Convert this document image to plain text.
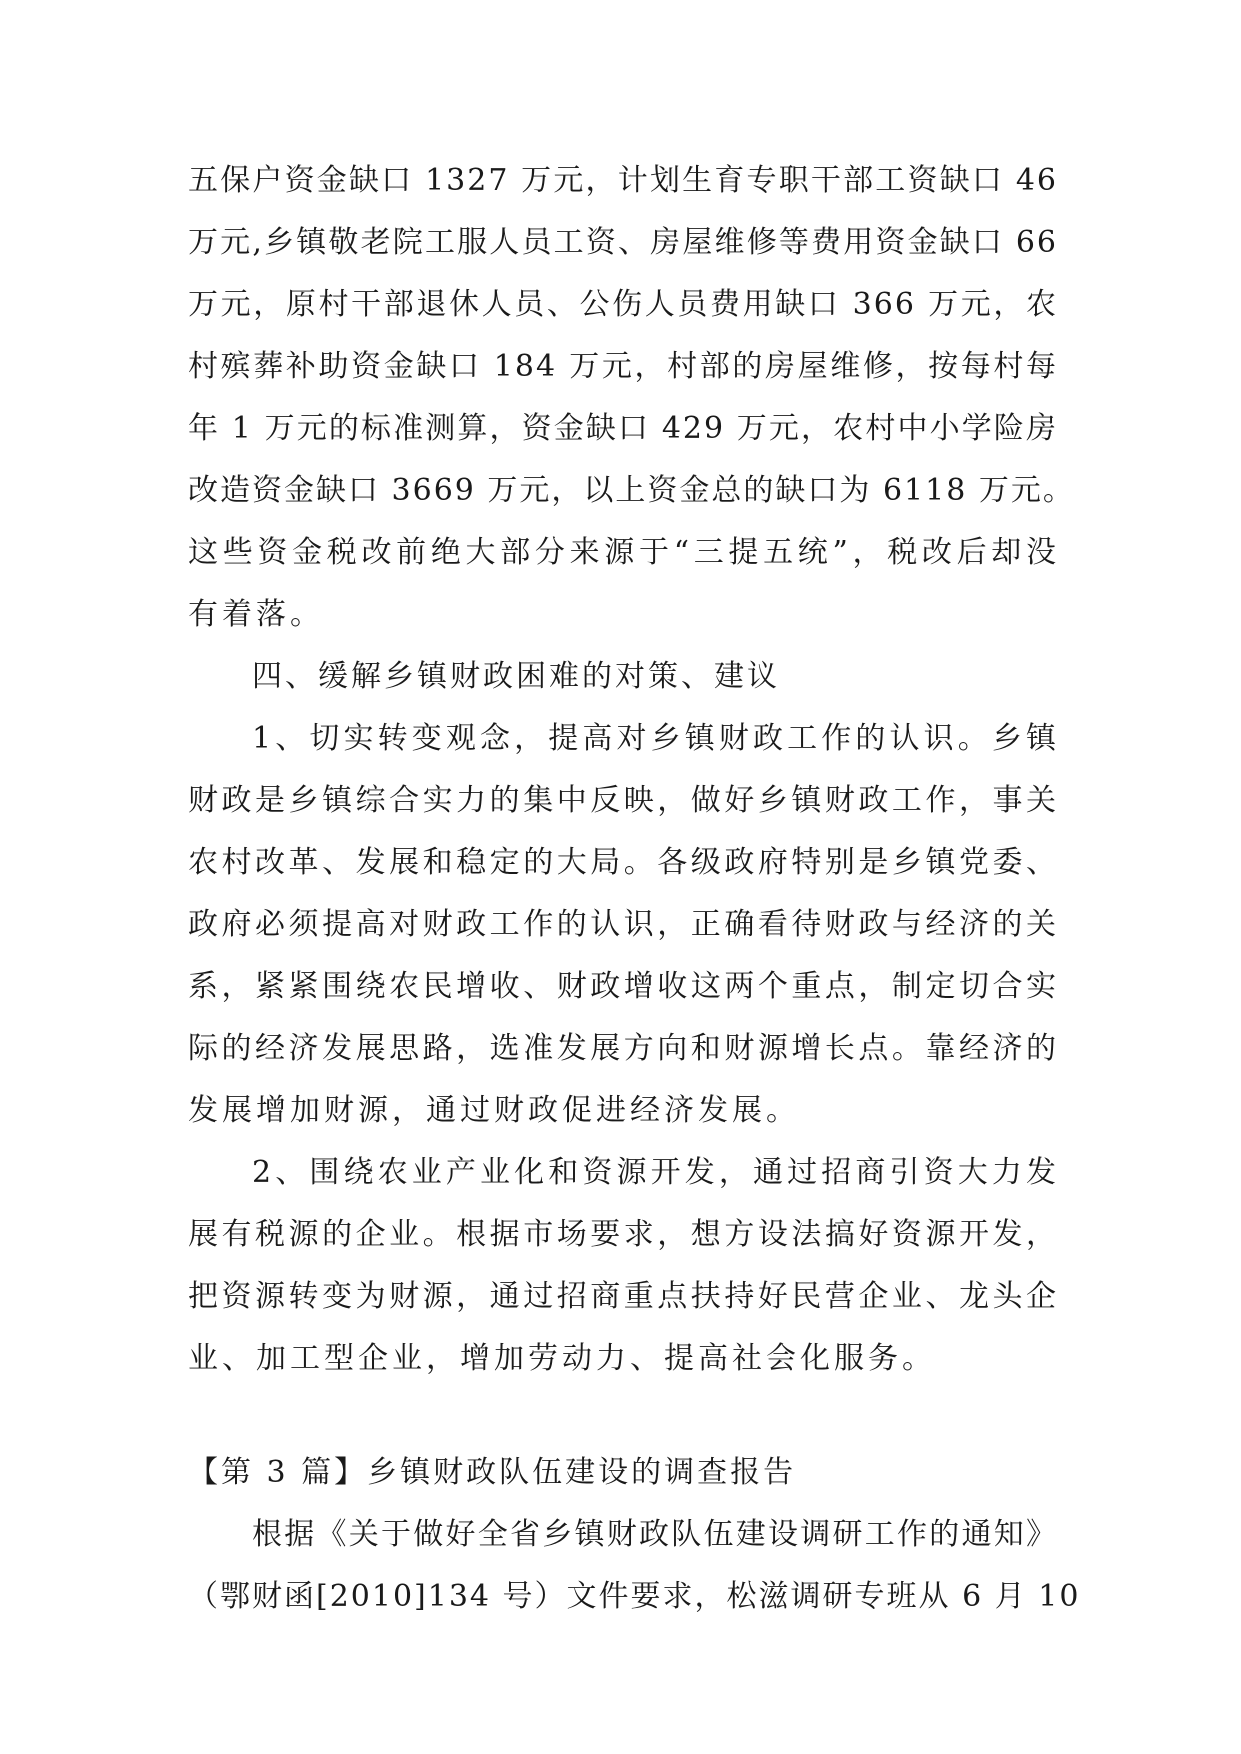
五保户资金缺口 1327 万元，计划生育专职干部工资缺口 46
万元,乡镇敬老院工服人员工资、房屋维修等费用资金缺口 66
万元，原村干部退休人员、公伤人员费用缺口 366 万元，农
村殡葬补助资金缺口 184 万元，村部的房屋维修，按每村每
年 1 万元的标准测算，资金缺口 429 万元，农村中小学险房
改造资金缺口 3669 万元，以上资金总的缺口为 6118 万元。
这些资金税改前绝大部分来源于“三提五统”，税改后却没
有着落。
四、缓解乡镇财政困难的对策、建议
1、切实转变观念，提高对乡镇财政工作的认识。乡镇
财政是乡镇综合实力的集中反映，做好乡镇财政工作，事关
农村改革、发展和稳定的大局。各级政府特别是乡镇党委、
政府必须提高对财政工作的认识，正确看待财政与经济的关
系，紧紧围绕农民增收、财政增收这两个重点，制定切合实
际的经济发展思路，选准发展方向和财源增长点。靠经济的
发展增加财源，通过财政促进经济发展。
2、围绕农业产业化和资源开发，通过招商引资大力发
展有税源的企业。根据市场要求，想方设法搞好资源开发，
把资源转变为财源，通过招商重点扶持好民营企业、龙头企
业、加工型企业，增加劳动力、提高社会化服务。
【第 3 篇】乡镇财政队伍建设的调查报告
根据《关于做好全省乡镇财政队伍建设调研工作的通知》
（鄂财函[2010]134 号）文件要求，松滋调研专班从 6 月 10
